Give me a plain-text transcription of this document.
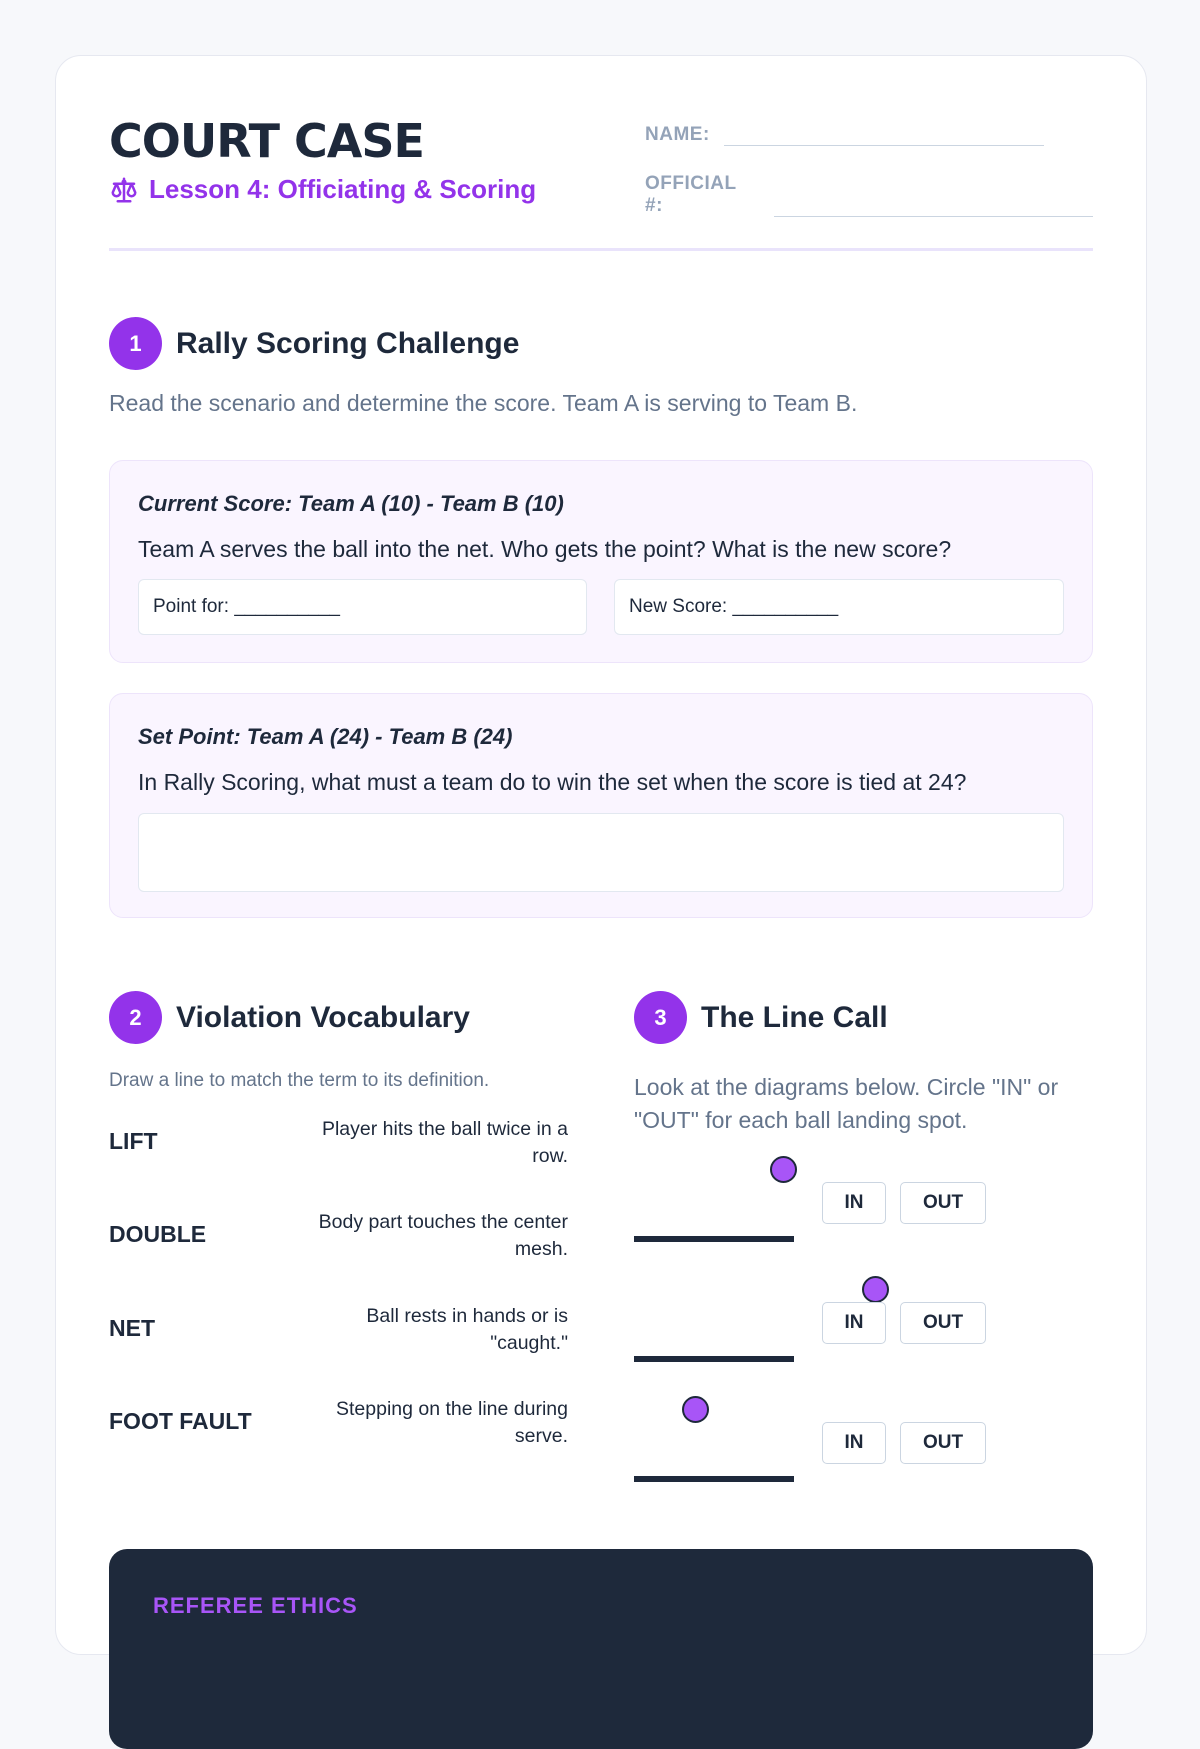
COURT CASE
Lesson 4: Officiating & Scoring
NAME:
OFFICIAL #:
1	Rally Scoring Challenge
Read the scenario and determine the score. Team A is serving to Team B.
Current Score: Team A (10) - Team B (10)
Team A serves the ball into the net. Who gets the point? What is the new score?
Point for: __________	New Score: __________
Set Point: Team A (24) - Team B (24)
In Rally Scoring, what must a team do to win the set when the score is tied at 24?
2	Violation Vocabulary
Draw a line to match the term to its definition.
LIFT	Player hits the ball twice in a row.
DOUBLE	Body part touches the center mesh.
NET	Ball rests in hands or is "caught."
FOOT FAULT	Stepping on the line during serve.
3	The Line Call
Look at the diagrams below. Circle "IN" or "OUT" for each ball landing spot.
IN	OUT
IN	OUT
IN	OUT
REFEREE ETHICS
